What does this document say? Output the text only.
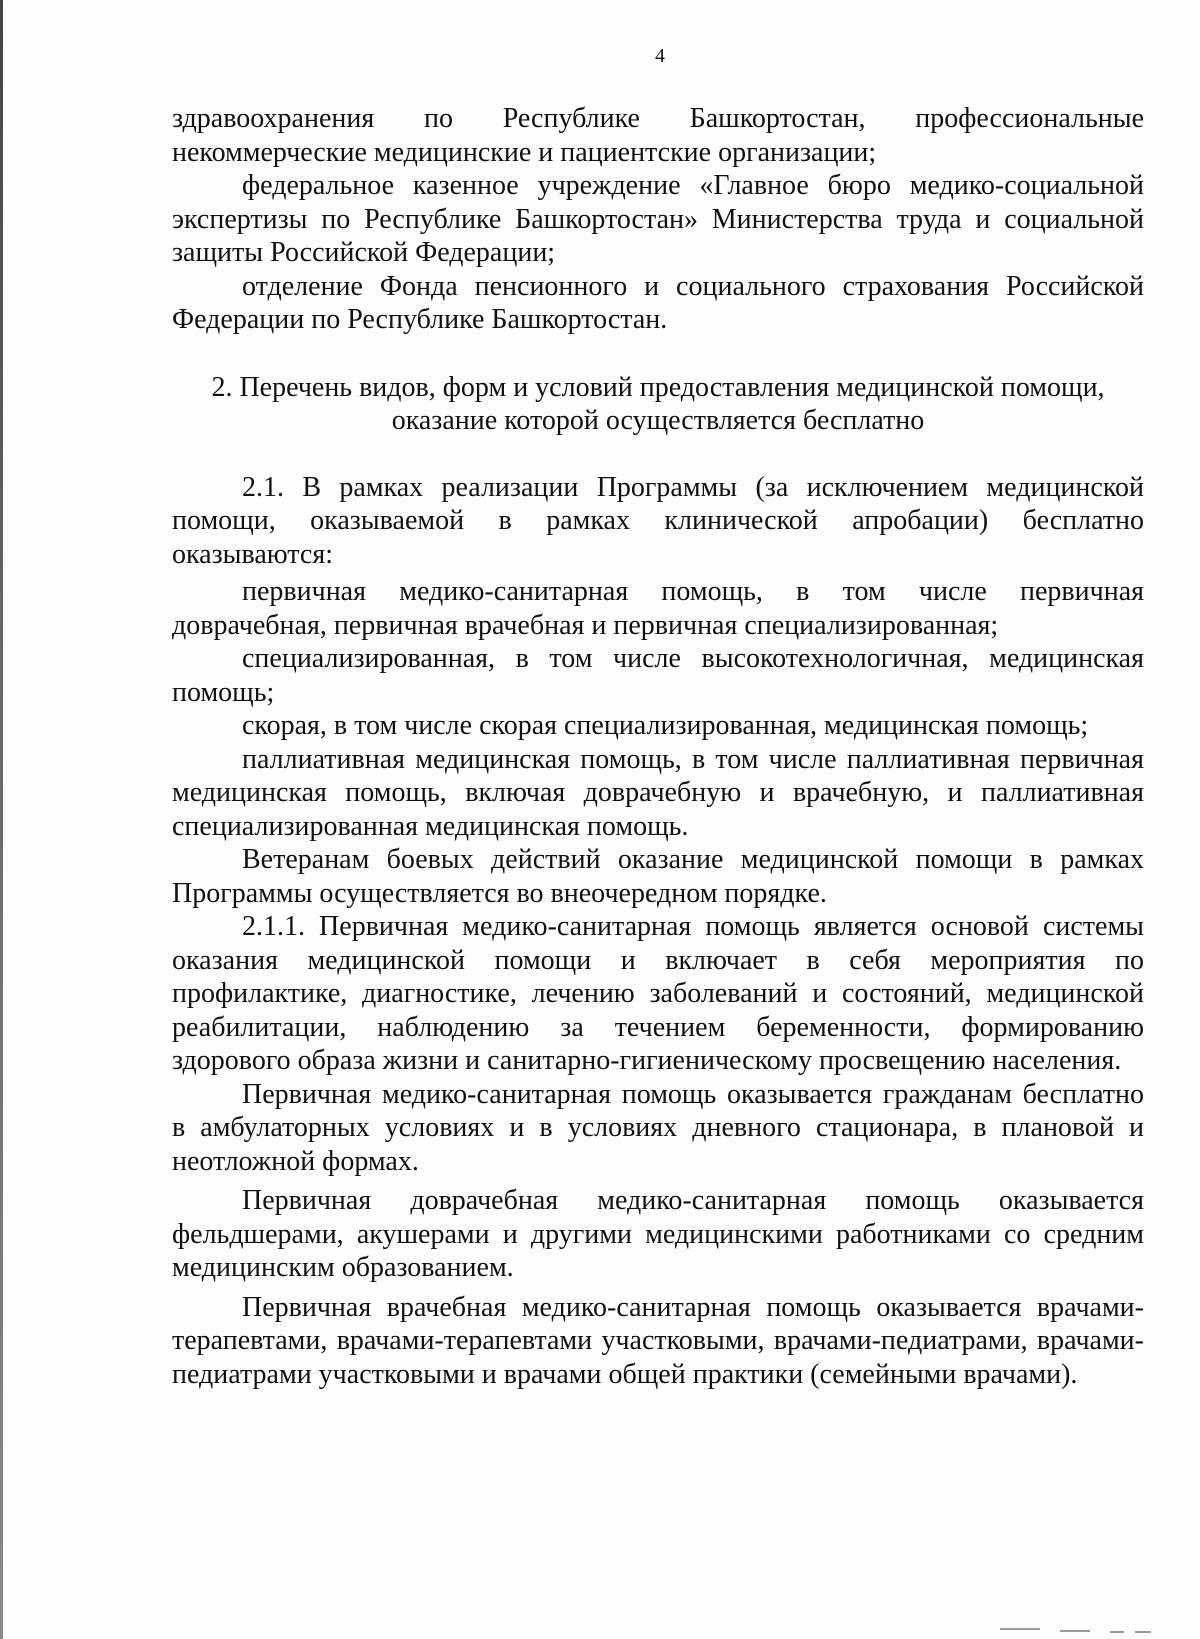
4

здравоохранения по Республике Башкортостан, профессиональные некоммерческие медицинские и пациентские организации;

федеральное казенное учреждение «Главное бюро медико-социальной экспертизы по Республике Башкортостан» Министерства труда и социальной защиты Российской Федерации;

отделение Фонда пенсионного и социального страхования Российской Федерации по Республике Башкортостан.

2. Перечень видов, форм и условий предоставления медицинской помощи, оказание которой осуществляется бесплатно

2.1. В рамках реализации Программы (за исключением медицинской помощи, оказываемой в рамках клинической апробации) бесплатно оказываются:

первичная медико-санитарная помощь, в том числе первичная доврачебная, первичная врачебная и первичная специализированная;

специализированная, в том числе высокотехнологичная, медицинская помощь;

скорая, в том числе скорая специализированная, медицинская помощь;

паллиативная медицинская помощь, в том числе паллиативная первичная медицинская помощь, включая доврачебную и врачебную, и паллиативная специализированная медицинская помощь.

Ветеранам боевых действий оказание медицинской помощи в рамках Программы осуществляется во внеочередном порядке.

2.1.1. Первичная медико-санитарная помощь является основой системы оказания медицинской помощи и включает в себя мероприятия по профилактике, диагностике, лечению заболеваний и состояний, медицинской реабилитации, наблюдению за течением беременности, формированию здорового образа жизни и санитарно-гигиеническому просвещению населения.

Первичная медико-санитарная помощь оказывается гражданам бесплатно в амбулаторных условиях и в условиях дневного стационара, в плановой и неотложной формах.

Первичная доврачебная медико-санитарная помощь оказывается фельдшерами, акушерами и другими медицинскими работниками со средним медицинским образованием.

Первичная врачебная медико-санитарная помощь оказывается врачами-терапевтами, врачами-терапевтами участковыми, врачами-педиатрами, врачами-педиатрами участковыми и врачами общей практики (семейными врачами).
